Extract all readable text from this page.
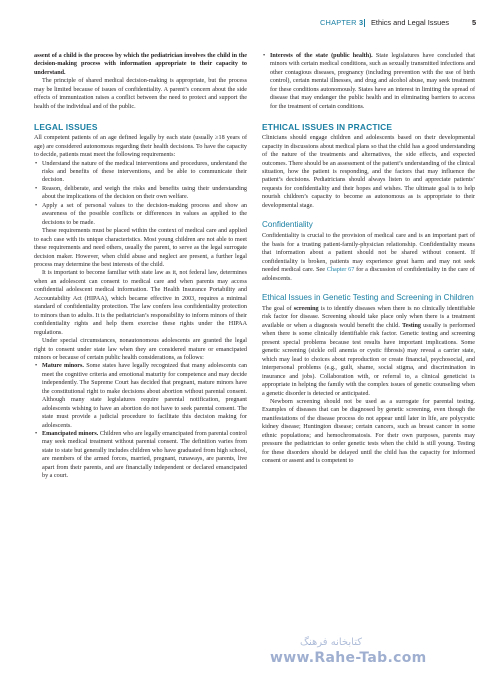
CHAPTER 3 Ethics and Legal Issues	5

assent of a child is the process by which the pediatrician involves the child in the decision-making process with information appropriate to their capacity to understand.

The principle of shared medical decision-making is appropriate, but the process may be limited because of issues of confidentiality. A parent’s concern about the side effects of immunization raises a conflict between the need to protect and support the health of the individual and of the public.

LEGAL ISSUES

All competent patients of an age defined legally by each state (usually ≥18 years of age) are considered autonomous regarding their health decisions. To have the capacity to decide, patients must meet the following requirements:

• Understand the nature of the medical interventions and procedures, understand the risks and benefits of these interventions, and be able to communicate their decision.
• Reason, deliberate, and weigh the risks and benefits using their understanding about the implications of the decision on their own welfare.
• Apply a set of personal values to the decision-making process and show an awareness of the possible conflicts or differences in values as applied to the decisions to be made.

These requirements must be placed within the context of medical care and applied to each case with its unique characteristics. Most young children are not able to meet these requirements and need others, usually the parent, to serve as the legal surrogate decision maker. However, when child abuse and neglect are present, a further legal process may determine the best interests of the child.

It is important to become familiar with state law as it, not federal law, determines when an adolescent can consent to medical care and when parents may access confidential adolescent medical information. The Health Insurance Portability and Accountability Act (HIPAA), which became effective in 2003, requires a minimal standard of confidentiality protection. The law confers less confidentiality protection to minors than to adults. It is the pediatrician’s responsibility to inform minors of their confidentiality rights and help them exercise these rights under the HIPAA regulations.

Under special circumstances, nonautonomous adolescents are granted the legal right to consent under state law when they are considered mature or emancipated minors or because of certain public health considerations, as follows:

• Mature minors. Some states have legally recognized that many adolescents can meet the cognitive criteria and emotional maturity for competence and may decide independently. The Supreme Court has decided that pregnant, mature minors have the constitutional right to make decisions about abortion without parental consent. Although many state legislatures require parental notification, pregnant adolescents wishing to have an abortion do not have to seek parental consent. The state must provide a judicial procedure to facilitate this decision making for adolescents.
• Emancipated minors. Children who are legally emancipated from parental control may seek medical treatment without parental consent. The definition varies from state to state but generally includes children who have graduated from high school, are members of the armed forces, married, pregnant, runaways, are parents, live apart from their parents, and are financially independent or declared emancipated by a court.
• Interests of the state (public health). State legislatures have concluded that minors with certain medical conditions, such as sexually transmitted infections and other contagious diseases, pregnancy (including prevention with the use of birth control), certain mental illnesses, and drug and alcohol abuse, may seek treatment for these conditions autonomously. States have an interest in limiting the spread of disease that may endanger the public health and in eliminating barriers to access for the treatment of certain conditions.
ETHICAL ISSUES IN PRACTICE

Clinicians should engage children and adolescents based on their developmental capacity in discussions about medical plans so that the child has a good understanding of the nature of the treatments and alternatives, the side effects, and expected outcomes. There should be an assessment of the patient’s understanding of the clinical situation, how the patient is responding, and the factors that may influence the patient’s decisions. Pediatricians should always listen to and appreciate patients’ requests for confidentiality and their hopes and wishes. The ultimate goal is to help nourish children’s capacity to become as autonomous as is appropriate to their developmental stage.

Confidentiality

Confidentiality is crucial to the provision of medical care and is an important part of the basis for a trusting patient-family-physician relationship. Confidentiality means that information about a patient should not be shared without consent. If confidentiality is broken, patients may experience great harm and may not seek needed medical care. See Chapter 67 for a discussion of confidentiality in the care of adolescents.

Ethical Issues in Genetic Testing and Screening in Children

The goal of screening is to identify diseases when there is no clinically identifiable risk factor for disease. Screening should take place only when there is a treatment available or when a diagnosis would benefit the child. Testing usually is performed when there is some clinically identifiable risk factor. Genetic testing and screening present special problems because test results have important implications. Some genetic screening (sickle cell anemia or cystic fibrosis) may reveal a carrier state, which may lead to choices about reproduction or create financial, psychosocial, and interpersonal problems (e.g., guilt, shame, social stigma, and discrimination in insurance and jobs). Collaboration with, or referral to, a clinical geneticist is appropriate in helping the family with the complex issues of genetic counseling when a genetic disorder is detected or anticipated.

Newborn screening should not be used as a surrogate for parental testing. Examples of diseases that can be diagnosed by genetic screening, even though the manifestations of the disease process do not appear until later in life, are polycystic kidney disease; Huntington disease; certain cancers, such as breast cancer in some ethnic populations; and hemochromatosis. For their own purposes, parents may pressure the pediatrician to order genetic tests when the child is still young. Testing for these disorders should be delayed until the child has the capacity for informed consent or assent and is competent to

کتابخانه فرهنگ
www.Rahe-Tab.com
